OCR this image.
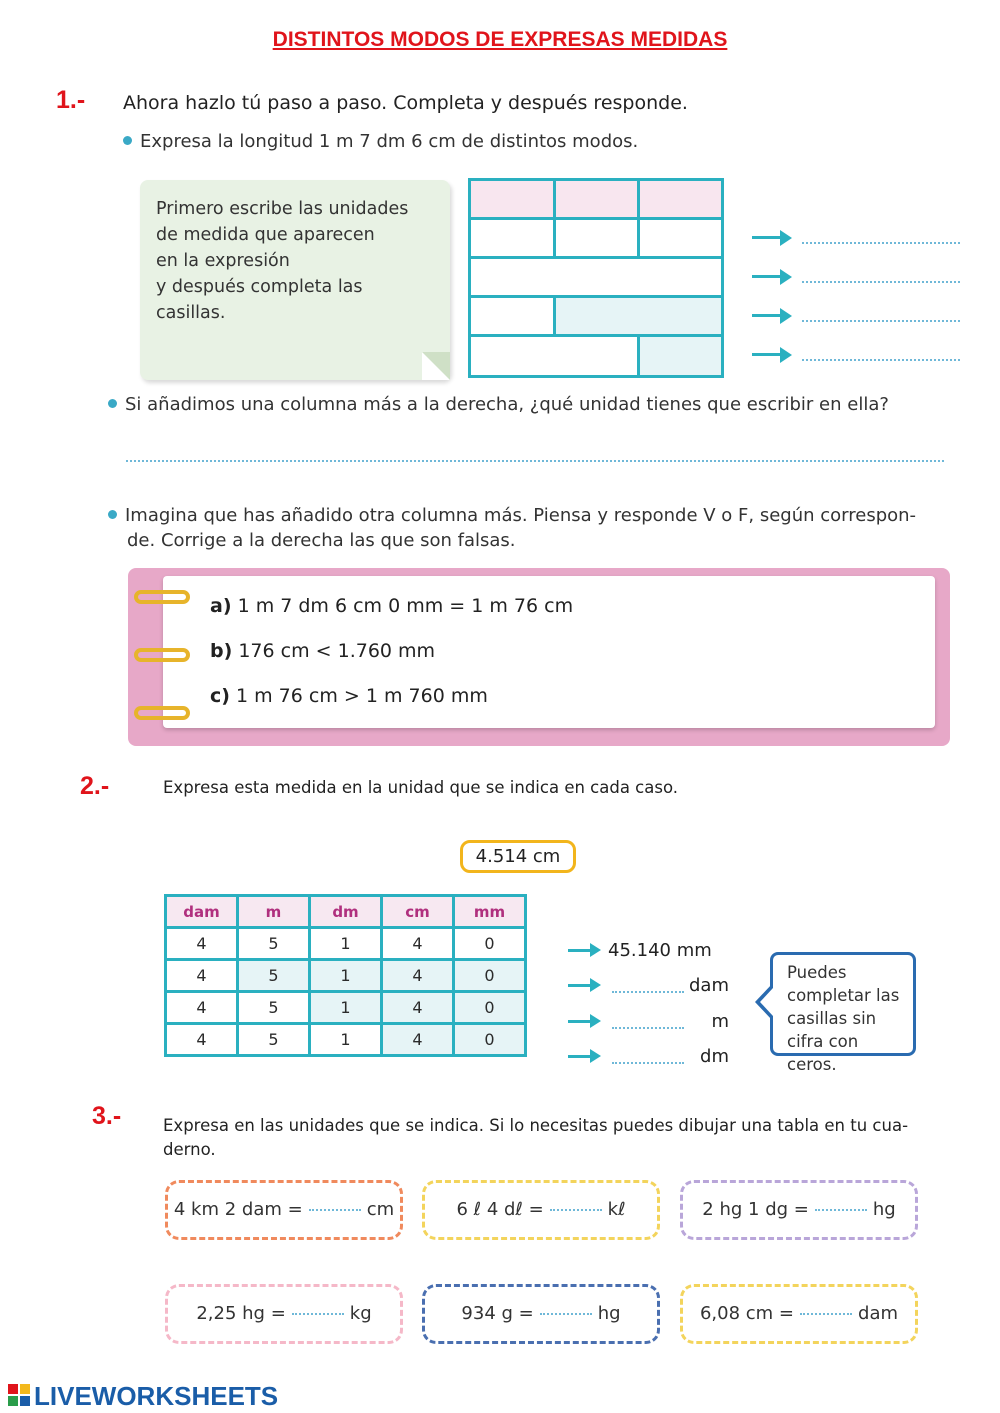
DISTINTOS MODOS DE EXPRESAS MEDIDAS
1.- Ahora hazlo tú paso a paso. Completa y después responde.
Expresa la longitud 1 m 7 dm 6 cm de distintos modos.
Primero escribe las unidades
de medida que aparecen
en la expresión
y después completa las
casillas.
Si añadimos una columna más a la derecha, ¿qué unidad tienes que escribir en ella?
Imagina que has añadido otra columna más. Piensa y responde V o F, según correspon-
de. Corrige a la derecha las que son falsas.
a) 1 m 7 dm 6 cm 0 mm = 1 m 76 cm
b) 176 cm < 1.760 mm
c) 1 m 76 cm > 1 m 760 mm
2.-	Expresa esta medida en la unidad que se indica en cada caso.
4.514 cm
dam	m	dm	cm	mm
4	5	1	4	0
4	5	1	4	0
4	5	1	4	0
4	5	1	4	0
45.140 mm
dam
m
dm
Puedes
completar las
casillas sin
cifra con ceros.
3.-	Expresa en las unidades que se indica. Si lo necesitas puedes dibujar una tabla en tu cua-
derno.
4 km 2 dam =	cm	6 ℓ 4 dℓ =	kℓ	2 hg 1 dg =	hg
2,25 hg =	kg	934 g =	hg	6,08 cm =	dam
LIVEWORKSHEETS
